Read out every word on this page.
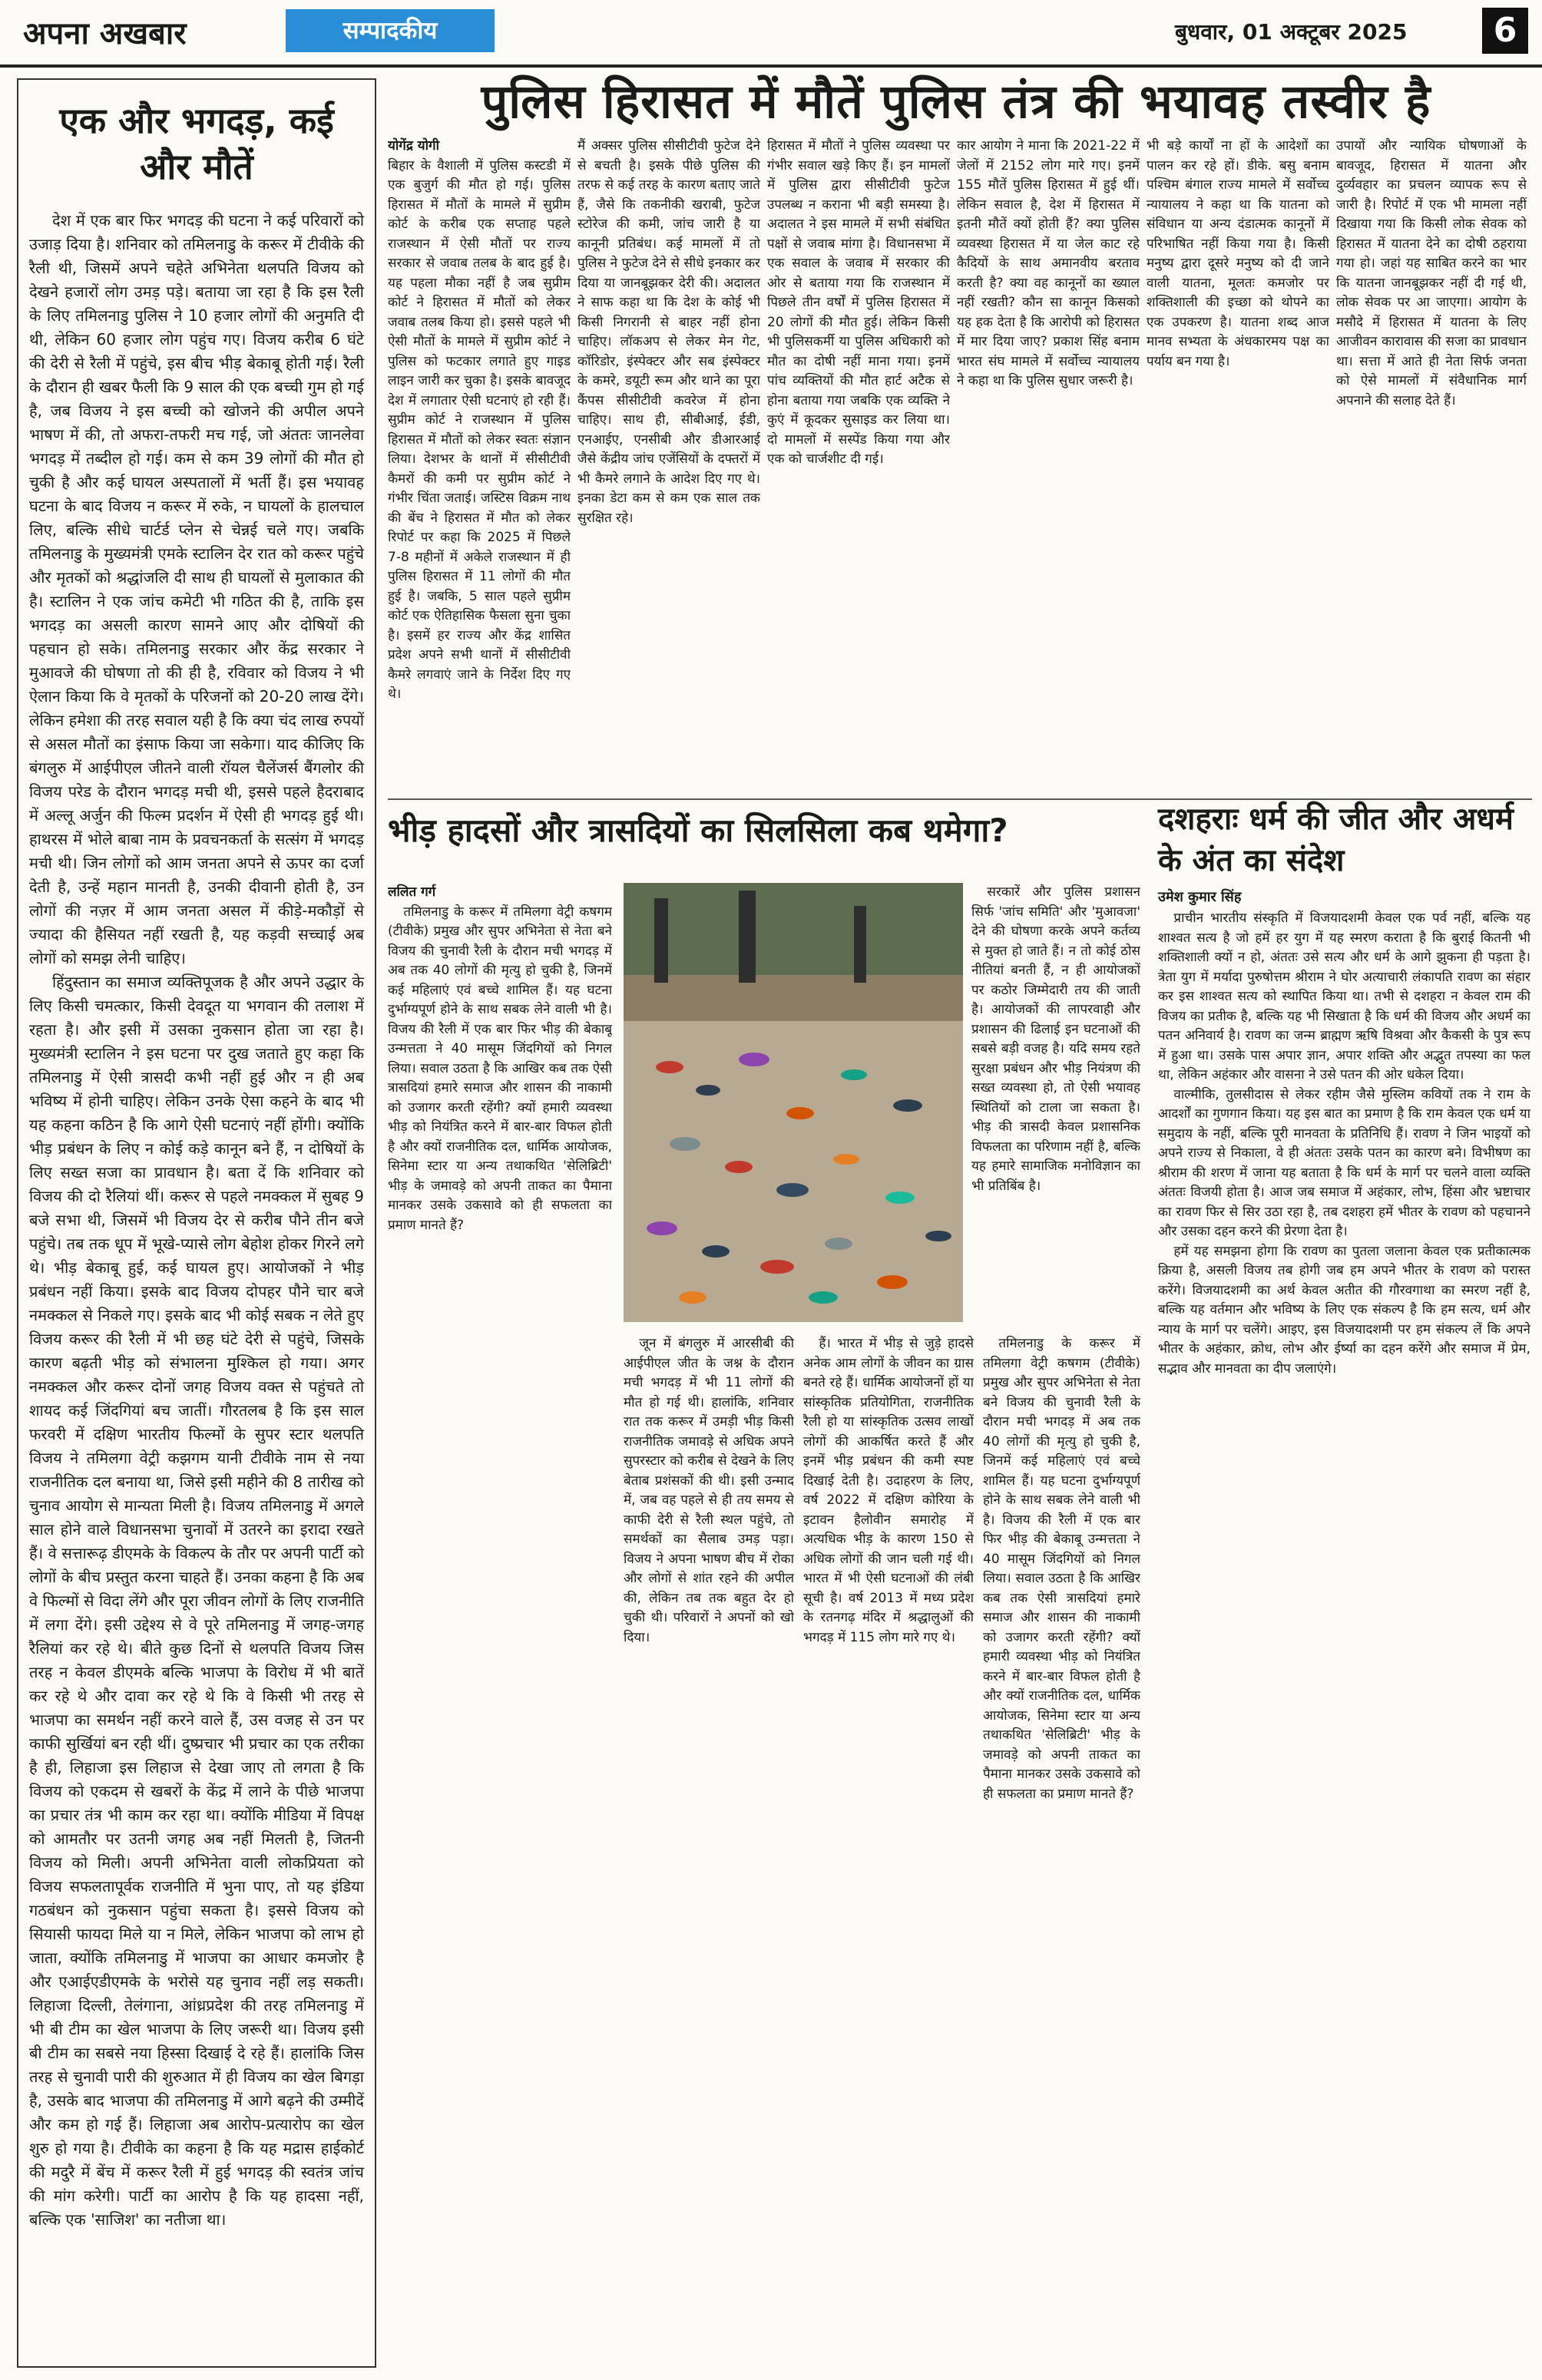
अपना अखबार	सम्पादकीय	बुधवार, 01 अक्टूबर 2025	6
एक और भगदड़, कई और मौतें

देश में एक बार फिर भगदड़ की घटना ने कई परिवारों को उजाड़ दिया है। शनिवार को तमिलनाडु के करूर में टीवीके की रैली थी, जिसमें अपने चहेते अभिनेता थलपति विजय को देखने हजारों लोग उमड़ पड़े। बताया जा रहा है कि इस रैली के लिए तमिलनाडु पुलिस ने 10 हजार लोगों की अनुमति दी थी, लेकिन 60 हजार लोग पहुंच गए। विजय करीब 6 घंटे की देरी से रैली में पहुंचे, इस बीच भीड़ बेकाबू होती गई। रैली के दौरान ही खबर फैली कि 9 साल की एक बच्ची गुम हो गई है, जब विजय ने इस बच्ची को खोजने की अपील अपने भाषण में की, तो अफरा-तफरी मच गई, जो अंततः जानलेवा भगदड़ में तब्दील हो गई। कम से कम 39 लोगों की मौत हो चुकी है और कई घायल अस्पतालों में भर्ती हैं। इस भयावह घटना के बाद विजय न करूर में रुके, न घायलों के हालचाल लिए, बल्कि सीधे चार्टर्ड प्लेन से चेन्नई चले गए। जबकि तमिलनाडु के मुख्यमंत्री एमके स्टालिन देर रात को करूर पहुंचे और मृतकों को श्रद्धांजलि दी साथ ही घायलों से मुलाकात की है। स्टालिन ने एक जांच कमेटी भी गठित की है, ताकि इस भगदड़ का असली कारण सामने आए और दोषियों की पहचान हो सके। तमिलनाडु सरकार और केंद्र सरकार ने मुआवजे की घोषणा तो की ही है, रविवार को विजय ने भी ऐलान किया कि वे मृतकों के परिजनों को 20-20 लाख देंगे। लेकिन हमेशा की तरह सवाल यही है कि क्या चंद लाख रुपयों से असल मौतों का इंसाफ किया जा सकेगा। याद कीजिए कि बंगलुरु में आईपीएल जीतने वाली रॉयल चैलेंजर्स बैंगलोर की विजय परेड के दौरान भगदड़ मची थी, इससे पहले हैदराबाद में अल्लू अर्जुन की फिल्म प्रदर्शन में ऐसी ही भगदड़ हुई थी। हाथरस में भोले बाबा नाम के प्रवचनकर्ता के सत्संग में भगदड़ मची थी। जिन लोगों को आम जनता अपने से ऊपर का दर्जा देती है, उन्हें महान मानती है, उनकी दीवानी होती है, उन लोगों की नज़र में आम जनता असल में कीड़े-मकौड़ों से ज्यादा की हैसियत नहीं रखती है, यह कड़वी सच्चाई अब लोगों को समझ लेनी चाहिए।

हिंदुस्तान का समाज व्यक्तिपूजक है और अपने उद्धार के लिए किसी चमत्कार, किसी देवदूत या भगवान की तलाश में रहता है। और इसी में उसका नुकसान होता जा रहा है। मुख्यमंत्री स्टालिन ने इस घटना पर दुख जताते हुए कहा कि तमिलनाडु में ऐसी त्रासदी कभी नहीं हुई और न ही अब भविष्य में होनी चाहिए। लेकिन उनके ऐसा कहने के बाद भी यह कहना कठिन है कि आगे ऐसी घटनाएं नहीं होंगी। क्योंकि भीड़ प्रबंधन के लिए न कोई कड़े कानून बने हैं, न दोषियों के लिए सख्त सजा का प्रावधान है। बता दें कि शनिवार को विजय की दो रैलियां थीं। करूर से पहले नमक्कल में सुबह 9 बजे सभा थी, जिसमें भी विजय देर से करीब पौने तीन बजे पहुंचे। तब तक धूप में भूखे-प्यासे लोग बेहोश होकर गिरने लगे थे। भीड़ बेकाबू हुई, कई घायल हुए। आयोजकों ने भीड़ प्रबंधन नहीं किया। इसके बाद विजय दोपहर पौने चार बजे नमक्कल से निकले गए। इसके बाद भी कोई सबक न लेते हुए विजय करूर की रैली में भी छह घंटे देरी से पहुंचे, जिसके कारण बढ़ती भीड़ को संभालना मुश्किल हो गया। अगर नमक्कल और करूर दोनों जगह विजय वक्त से पहुंचते तो शायद कई जिंदगियां बच जातीं। गौरतलब है कि इस साल फरवरी में दक्षिण भारतीय फिल्मों के सुपर स्टार थलपति विजय ने तमिलगा वेट्री कझगम यानी टीवीके नाम से नया राजनीतिक दल बनाया था, जिसे इसी महीने की 8 तारीख को चुनाव आयोग से मान्यता मिली है। विजय तमिलनाडु में अगले साल होने वाले विधानसभा चुनावों में उतरने का इरादा रखते हैं। वे सत्तारूढ़ डीएमके के विकल्प के तौर पर अपनी पार्टी को लोगों के बीच प्रस्तुत करना चाहते हैं। उनका कहना है कि अब वे फिल्मों से विदा लेंगे और पूरा जीवन लोगों के लिए राजनीति में लगा देंगे। इसी उद्देश्य से वे पूरे तमिलनाडु में जगह-जगह रैलियां कर रहे थे। बीते कुछ दिनों से थलपति विजय जिस तरह न केवल डीएमके बल्कि भाजपा के विरोध में भी बातें कर रहे थे और दावा कर रहे थे कि वे किसी भी तरह से भाजपा का समर्थन नहीं करने वाले हैं, उस वजह से उन पर काफी सुर्खियां बन रही थीं। दुष्प्रचार भी प्रचार का एक तरीका है ही, लिहाजा इस लिहाज से देखा जाए तो लगता है कि विजय को एकदम से खबरों के केंद्र में लाने के पीछे भाजपा का प्रचार तंत्र भी काम कर रहा था। क्योंकि मीडिया में विपक्ष को आमतौर पर उतनी जगह अब नहीं मिलती है, जितनी विजय को मिली। अपनी अभिनेता वाली लोकप्रियता को विजय सफलतापूर्वक राजनीति में भुना पाए, तो यह इंडिया गठबंधन को नुकसान पहुंचा सकता है। इससे विजय को सियासी फायदा मिले या न मिले, लेकिन भाजपा को लाभ हो जाता, क्योंकि तमिलनाडु में भाजपा का आधार कमजोर है और एआईएडीएमके के भरोसे यह चुनाव नहीं लड़ सकती। लिहाजा दिल्ली, तेलंगाना, आंध्रप्रदेश की तरह तमिलनाडु में भी बी टीम का खेल भाजपा के लिए जरूरी था। विजय इसी बी टीम का सबसे नया हिस्सा दिखाई दे रहे हैं। हालांकि जिस तरह से चुनावी पारी की शुरुआत में ही विजय का खेल बिगड़ा है, उसके बाद भाजपा की तमिलनाडु में आगे बढ़ने की उम्मीदें और कम हो गई हैं। लिहाजा अब आरोप-प्रत्यारोप का खेल शुरु हो गया है। टीवीके का कहना है कि यह मद्रास हाईकोर्ट की मदुरै में बेंच में करूर रैली में हुई भगदड़ की स्वतंत्र जांच की मांग करेगी। पार्टी का आरोप है कि यह हादसा नहीं, बल्कि एक 'साजिश' का नतीजा था।

पुलिस हिरासत में मौतें पुलिस तंत्र की भयावह तस्वीर है

योगेंद्र योगी

बिहार के वैशाली में पुलिस कस्टडी में एक बुजुर्ग की मौत हो गई। पुलिस हिरासत में मौतों के मामले में सुप्रीम कोर्ट के करीब एक सप्ताह पहले राजस्थान में ऐसी मौतों पर राज्य सरकार से जवाब तलब के बाद हुई है। यह पहला मौका नहीं है जब सुप्रीम कोर्ट ने हिरासत में मौतों को लेकर जवाब तलब किया हो। इससे पहले भी ऐसी मौतों के मामले में सुप्रीम कोर्ट ने पुलिस को फटकार लगाते हुए गाइड लाइन जारी कर चुका है। इसके बावजूद देश में लगातार ऐसी घटनाएं हो रही हैं। सुप्रीम कोर्ट ने राजस्थान में पुलिस हिरासत में मौतों को लेकर स्वतः संज्ञान लिया। देशभर के थानों में सीसीटीवी कैमरों की कमी पर सुप्रीम कोर्ट ने गंभीर चिंता जताई। जस्टिस विक्रम नाथ की बेंच ने हिरासत में मौत को लेकर रिपोर्ट पर कहा कि 2025 में पिछले 7-8 महीनों में अकेले राजस्थान में ही पुलिस हिरासत में 11 लोगों की मौत हुई है। जबकि, 5 साल पहले सुप्रीम कोर्ट एक ऐतिहासिक फैसला सुना चुका है। इसमें हर राज्य और केंद्र शासित प्रदेश अपने सभी थानों में सीसीटीवी कैमरे लगवाएं जाने के निर्देश दिए गए थे।

मैं अक्सर पुलिस सीसीटीवी फुटेज देने से बचती है। इसके पीछे पुलिस की तरफ से कई तरह के कारण बताए जाते हैं, जैसे कि तकनीकी खराबी, फुटेज स्टोरेज की कमी, जांच जारी है या कानूनी प्रतिबंध। कई मामलों में तो पुलिस ने फुटेज देने से सीधे इनकार कर दिया या जानबूझकर देरी की। अदालत ने साफ कहा था कि देश के कोई भी किसी निगरानी से बाहर नहीं होना चाहिए। लॉकअप से लेकर मेन गेट, कॉरिडोर, इंस्पेक्टर और सब इंस्पेक्टर के कमरे, डयूटी रूम और थाने का पूरा कैंपस सीसीटीवी कवरेज में होना चाहिए। साथ ही, सीबीआई, ईडी, एनआईए, एनसीबी और डीआरआई जैसे केंद्रीय जांच एजेंसियों के दफ्तरों में भी कैमरे लगाने के आदेश दिए गए थे। इनका डेटा कम से कम एक साल तक सुरक्षित रहे।

हिरासत में मौतों ने पुलिस व्यवस्था पर गंभीर सवाल खड़े किए हैं। इन मामलों में पुलिस द्वारा सीसीटीवी फुटेज उपलब्ध न कराना भी बड़ी समस्या है। अदालत ने इस मामले में सभी संबंधित पक्षों से जवाब मांगा है। विधानसभा में एक सवाल के जवाब में सरकार की ओर से बताया गया कि राजस्थान में पिछले तीन वर्षों में पुलिस हिरासत में 20 लोगों की मौत हुई। लेकिन किसी भी पुलिसकर्मी या पुलिस अधिकारी को मौत का दोषी नहीं माना गया। इनमें पांच व्यक्तियों की मौत हार्ट अटैक से होना बताया गया जबकि एक व्यक्ति ने कुएं में कूदकर सुसाइड कर लिया था। दो मामलों में सस्पेंड किया गया और एक को चार्जशीट दी गई।

कार आयोग ने माना कि 2021-22 में जेलों में 2152 लोग मारे गए। इनमें 155 मौतें पुलिस हिरासत में हुई थीं। लेकिन सवाल है, देश में हिरासत में इतनी मौतें क्यों होती हैं? क्या पुलिस व्यवस्था हिरासत में या जेल काट रहे कैदियों के साथ अमानवीय बरताव करती है? क्या वह कानूनों का ख्याल नहीं रखती? कौन सा कानून किसको यह हक देता है कि आरोपी को हिरासत में मार दिया जाए? प्रकाश सिंह बनाम भारत संघ मामले में सर्वोच्च न्यायालय ने कहा था कि पुलिस सुधार जरूरी है।

भी बड़े कार्यों ना हों के आदेशों का पालन कर रहे हों। डीके. बसु बनाम पश्चिम बंगाल राज्य मामले में सर्वोच्च न्यायालय ने कहा था कि यातना को संविधान या अन्य दंडात्मक कानूनों में परिभाषित नहीं किया गया है। किसी मनुष्य द्वारा दूसरे मनुष्य को दी जाने वाली यातना, मूलतः कमजोर पर शक्तिशाली की इच्छा को थोपने का एक उपकरण है। यातना शब्द आज मानव सभ्यता के अंधकारमय पक्ष का पर्याय बन गया है।

उपायों और न्यायिक घोषणाओं के बावजूद, हिरासत में यातना और दुर्व्यवहार का प्रचलन व्यापक रूप से जारी है। रिपोर्ट में एक भी मामला नहीं दिखाया गया कि किसी लोक सेवक को हिरासत में यातना देने का दोषी ठहराया गया हो। जहां यह साबित करने का भार कि यातना जानबूझकर नहीं दी गई थी, लोक सेवक पर आ जाएगा। आयोग के मसौदे में हिरासत में यातना के लिए आजीवन कारावास की सजा का प्रावधान था। सत्ता में आते ही नेता सिर्फ जनता को ऐसे मामलों में संवैधानिक मार्ग अपनाने की सलाह देते हैं।

भीड़ हादसों और त्रासदियों का सिलसिला कब थमेगा?

ललित गर्ग

तमिलनाडु के करूर में तमिलगा वेट्री कषगम (टीवीके) प्रमुख और सुपर अभिनेता से नेता बने विजय की चुनावी रैली के दौरान मची भगदड़ में अब तक 40 लोगों की मृत्यु हो चुकी है, जिनमें कई महिलाएं एवं बच्चे शामिल हैं। यह घटना दुर्भाग्यपूर्ण होने के साथ सबक लेने वाली भी है। विजय की रैली में एक बार फिर भीड़ की बेकाबू उन्मत्तता ने 40 मासूम जिंदगियों को निगल लिया। सवाल उठता है कि आखिर कब तक ऐसी त्रासदियां हमारे समाज और शासन की नाकामी को उजागर करती रहेंगी? क्यों हमारी व्यवस्था भीड़ को नियंत्रित करने में बार-बार विफल होती है और क्यों राजनीतिक दल, धार्मिक आयोजक, सिनेमा स्टार या अन्य तथाकथित 'सेलिब्रिटी' भीड़ के जमावड़े को अपनी ताकत का पैमाना मानकर उसके उकसावे को ही सफलता का प्रमाण मानते हैं?

सरकारें और पुलिस प्रशासन सिर्फ 'जांच समिति' और 'मुआवजा' देने की घोषणा करके अपने कर्तव्य से मुक्त हो जाते हैं। न तो कोई ठोस नीतियां बनती हैं, न ही आयोजकों पर कठोर जिम्मेदारी तय की जाती है। आयोजकों की लापरवाही और प्रशासन की ढिलाई इन घटनाओं की सबसे बड़ी वजह है। यदि समय रहते सुरक्षा प्रबंधन और भीड़ नियंत्रण की सख्त व्यवस्था हो, तो ऐसी भयावह स्थितियों को टाला जा सकता है। भीड़ की त्रासदी केवल प्रशासनिक विफलता का परिणाम नहीं है, बल्कि यह हमारे सामाजिक मनोविज्ञान का भी प्रतिबिंब है।

जून में बंगलुरु में आरसीबी की आईपीएल जीत के जश्न के दौरान मची भगदड़ में भी 11 लोगों की मौत हो गई थी। हालांकि, शनिवार रात तक करूर में उमड़ी भीड़ किसी राजनीतिक जमावड़े से अधिक अपने सुपरस्टार को करीब से देखने के लिए बेताब प्रशंसकों की थी। इसी उन्माद में, जब वह पहले से ही तय समय से काफी देरी से रैली स्थल पहुंचे, तो समर्थकों का सैलाब उमड़ पड़ा। विजय ने अपना भाषण बीच में रोका और लोगों से शांत रहने की अपील की, लेकिन तब तक बहुत देर हो चुकी थी। परिवारों ने अपनों को खो दिया।

हैं। भारत में भीड़ से जुड़े हादसे अनेक आम लोगों के जीवन का ग्रास बनते रहे हैं। धार्मिक आयोजनों हों या सांस्कृतिक प्रतियोगिता, राजनीतिक रैली हो या सांस्कृतिक उत्सव लाखों लोगों की आकर्षित करते हैं और इनमें भीड़ प्रबंधन की कमी स्पष्ट दिखाई देती है। उदाहरण के लिए, वर्ष 2022 में दक्षिण कोरिया के इटावन हैलोवीन समारोह में अत्यधिक भीड़ के कारण 150 से अधिक लोगों की जान चली गई थी। भारत में भी ऐसी घटनाओं की लंबी सूची है। वर्ष 2013 में मध्य प्रदेश के रतनगढ़ मंदिर में श्रद्धालुओं की भगदड़ में 115 लोग मारे गए थे।

तमिलनाडु के करूर में तमिलगा वेट्री कषगम (टीवीके) प्रमुख और सुपर अभिनेता से नेता बने विजय की चुनावी रैली के दौरान मची भगदड़ में अब तक 40 लोगों की मृत्यु हो चुकी है, जिनमें कई महिलाएं एवं बच्चे शामिल हैं। यह घटना दुर्भाग्यपूर्ण होने के साथ सबक लेने वाली भी है। विजय की रैली में एक बार फिर भीड़ की बेकाबू उन्मत्तता ने 40 मासूम जिंदगियों को निगल लिया। सवाल उठता है कि आखिर कब तक ऐसी त्रासदियां हमारे समाज और शासन की नाकामी को उजागर करती रहेंगी? क्यों हमारी व्यवस्था भीड़ को नियंत्रित करने में बार-बार विफल होती है और क्यों राजनीतिक दल, धार्मिक आयोजक, सिनेमा स्टार या अन्य तथाकथित 'सेलिब्रिटी' भीड़ के जमावड़े को अपनी ताकत का पैमाना मानकर उसके उकसावे को ही सफलता का प्रमाण मानते हैं?

दशहराः धर्म की जीत और अधर्म के अंत का संदेश
उमेश कुमार सिंह

प्राचीन भारतीय संस्कृति में विजयादशमी केवल एक पर्व नहीं, बल्कि यह शाश्वत सत्य है जो हमें हर युग में यह स्मरण कराता है कि बुराई कितनी भी शक्तिशाली क्यों न हो, अंततः उसे सत्य और धर्म के आगे झुकना ही पड़ता है। त्रेता युग में मर्यादा पुरुषोत्तम श्रीराम ने घोर अत्याचारी लंकापति रावण का संहार कर इस शाश्वत सत्य को स्थापित किया था। तभी से दशहरा न केवल राम की विजय का प्रतीक है, बल्कि यह भी सिखाता है कि धर्म की विजय और अधर्म का पतन अनिवार्य है। रावण का जन्म ब्राह्मण ऋषि विश्रवा और कैकसी के पुत्र रूप में हुआ था। उसके पास अपार ज्ञान, अपार शक्ति और अद्भुत तपस्या का फल था, लेकिन अहंकार और वासना ने उसे पतन की ओर धकेल दिया।

वाल्मीकि, तुलसीदास से लेकर रहीम जैसे मुस्लिम कवियों तक ने राम के आदर्शों का गुणगान किया। यह इस बात का प्रमाण है कि राम केवल एक धर्म या समुदाय के नहीं, बल्कि पूरी मानवता के प्रतिनिधि हैं। रावण ने जिन भाइयों को अपने राज्य से निकाला, वे ही अंततः उसके पतन का कारण बने। विभीषण का श्रीराम की शरण में जाना यह बताता है कि धर्म के मार्ग पर चलने वाला व्यक्ति अंततः विजयी होता है। आज जब समाज में अहंकार, लोभ, हिंसा और भ्रष्टाचार का रावण फिर से सिर उठा रहा है, तब दशहरा हमें भीतर के रावण को पहचानने और उसका दहन करने की प्रेरणा देता है।

हमें यह समझना होगा कि रावण का पुतला जलाना केवल एक प्रतीकात्मक क्रिया है, असली विजय तब होगी जब हम अपने भीतर के रावण को परास्त करेंगे। विजयादशमी का अर्थ केवल अतीत की गौरवगाथा का स्मरण नहीं है, बल्कि यह वर्तमान और भविष्य के लिए एक संकल्प है कि हम सत्य, धर्म और न्याय के मार्ग पर चलेंगे। आइए, इस विजयादशमी पर हम संकल्प लें कि अपने भीतर के अहंकार, क्रोध, लोभ और ईर्ष्या का दहन करेंगे और समाज में प्रेम, सद्भाव और मानवता का दीप जलाएंगे।
